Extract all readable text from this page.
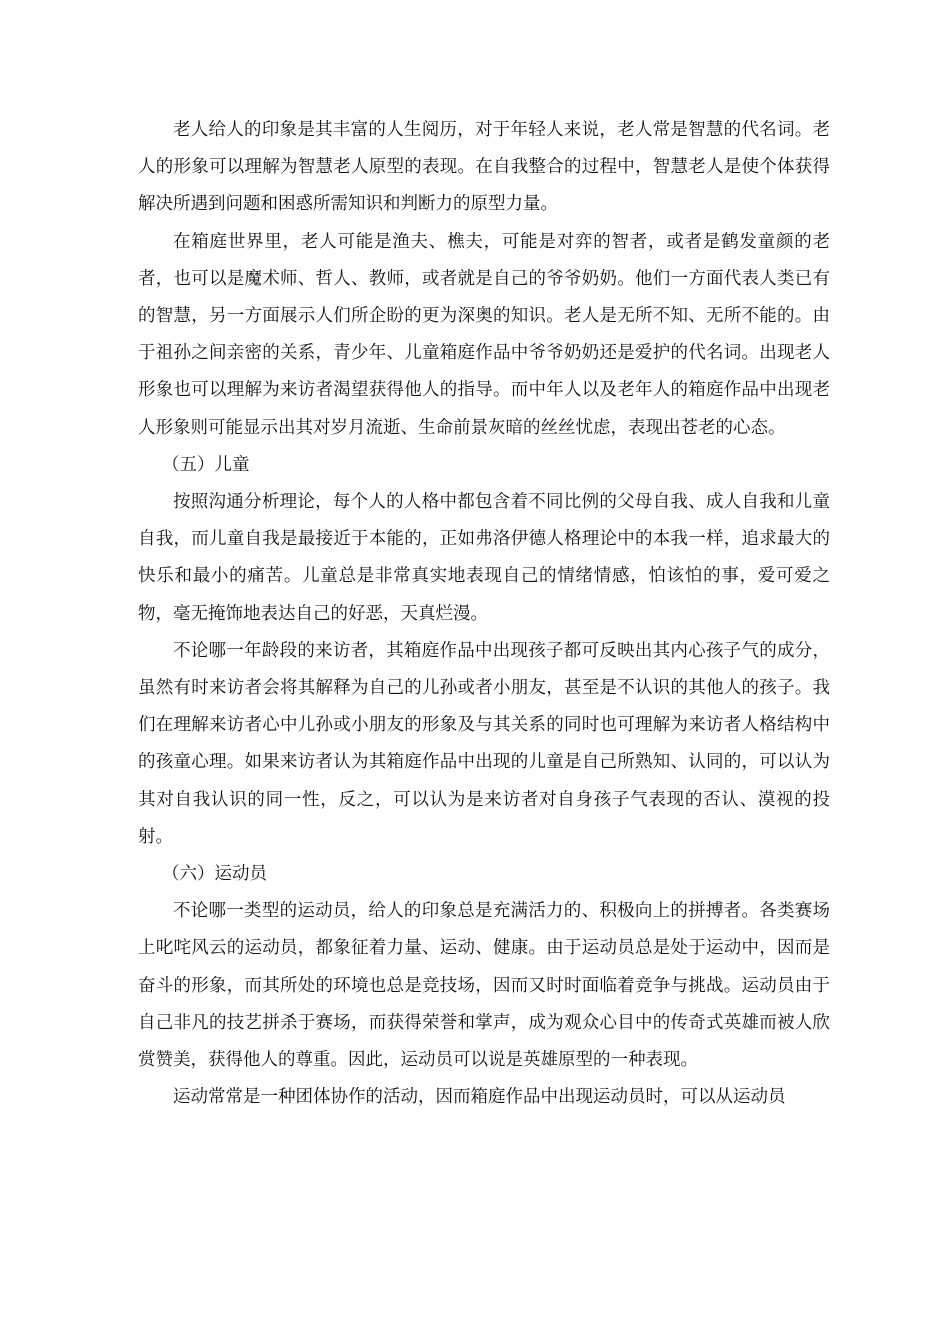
老人给人的印象是其丰富的人生阅历，对于年轻人来说，老人常是智慧的代名词。老人的形象可以理解为智慧老人原型的表现。在自我整合的过程中，智慧老人是使个体获得解决所遇到问题和困惑所需知识和判断力的原型力量。

在箱庭世界里，老人可能是渔夫、樵夫，可能是对弈的智者，或者是鹤发童颜的老者，也可以是魔术师、哲人、教师，或者就是自己的爷爷奶奶。他们一方面代表人类已有的智慧，另一方面展示人们所企盼的更为深奥的知识。老人是无所不知、无所不能的。由于祖孙之间亲密的关系，青少年、儿童箱庭作品中爷爷奶奶还是爱护的代名词。出现老人形象也可以理解为来访者渴望获得他人的指导。而中年人以及老年人的箱庭作品中出现老人形象则可能显示出其对岁月流逝、生命前景灰暗的丝丝忧虑，表现出苍老的心态。

（五）儿童

按照沟通分析理论，每个人的人格中都包含着不同比例的父母自我、成人自我和儿童自我，而儿童自我是最接近于本能的，正如弗洛伊德人格理论中的本我一样，追求最大的快乐和最小的痛苦。儿童总是非常真实地表现自己的情绪情感，怕该怕的事，爱可爱之物，毫无掩饰地表达自己的好恶，天真烂漫。

不论哪一年龄段的来访者，其箱庭作品中出现孩子都可反映出其内心孩子气的成分，虽然有时来访者会将其解释为自己的儿孙或者小朋友，甚至是不认识的其他人的孩子。我们在理解来访者心中儿孙或小朋友的形象及与其关系的同时也可理解为来访者人格结构中的孩童心理。如果来访者认为其箱庭作品中出现的儿童是自己所熟知、认同的，可以认为其对自我认识的同一性，反之，可以认为是来访者对自身孩子气表现的否认、漠视的投射。

（六）运动员

不论哪一类型的运动员，给人的印象总是充满活力的、积极向上的拼搏者。各类赛场上叱咤风云的运动员，都象征着力量、运动、健康。由于运动员总是处于运动中，因而是奋斗的形象，而其所处的环境也总是竞技场，因而又时时面临着竞争与挑战。运动员由于自己非凡的技艺拼杀于赛场，而获得荣誉和掌声，成为观众心目中的传奇式英雄而被人欣赏赞美，获得他人的尊重。因此，运动员可以说是英雄原型的一种表现。

运动常常是一种团体协作的活动，因而箱庭作品中出现运动员时，可以从运动员
